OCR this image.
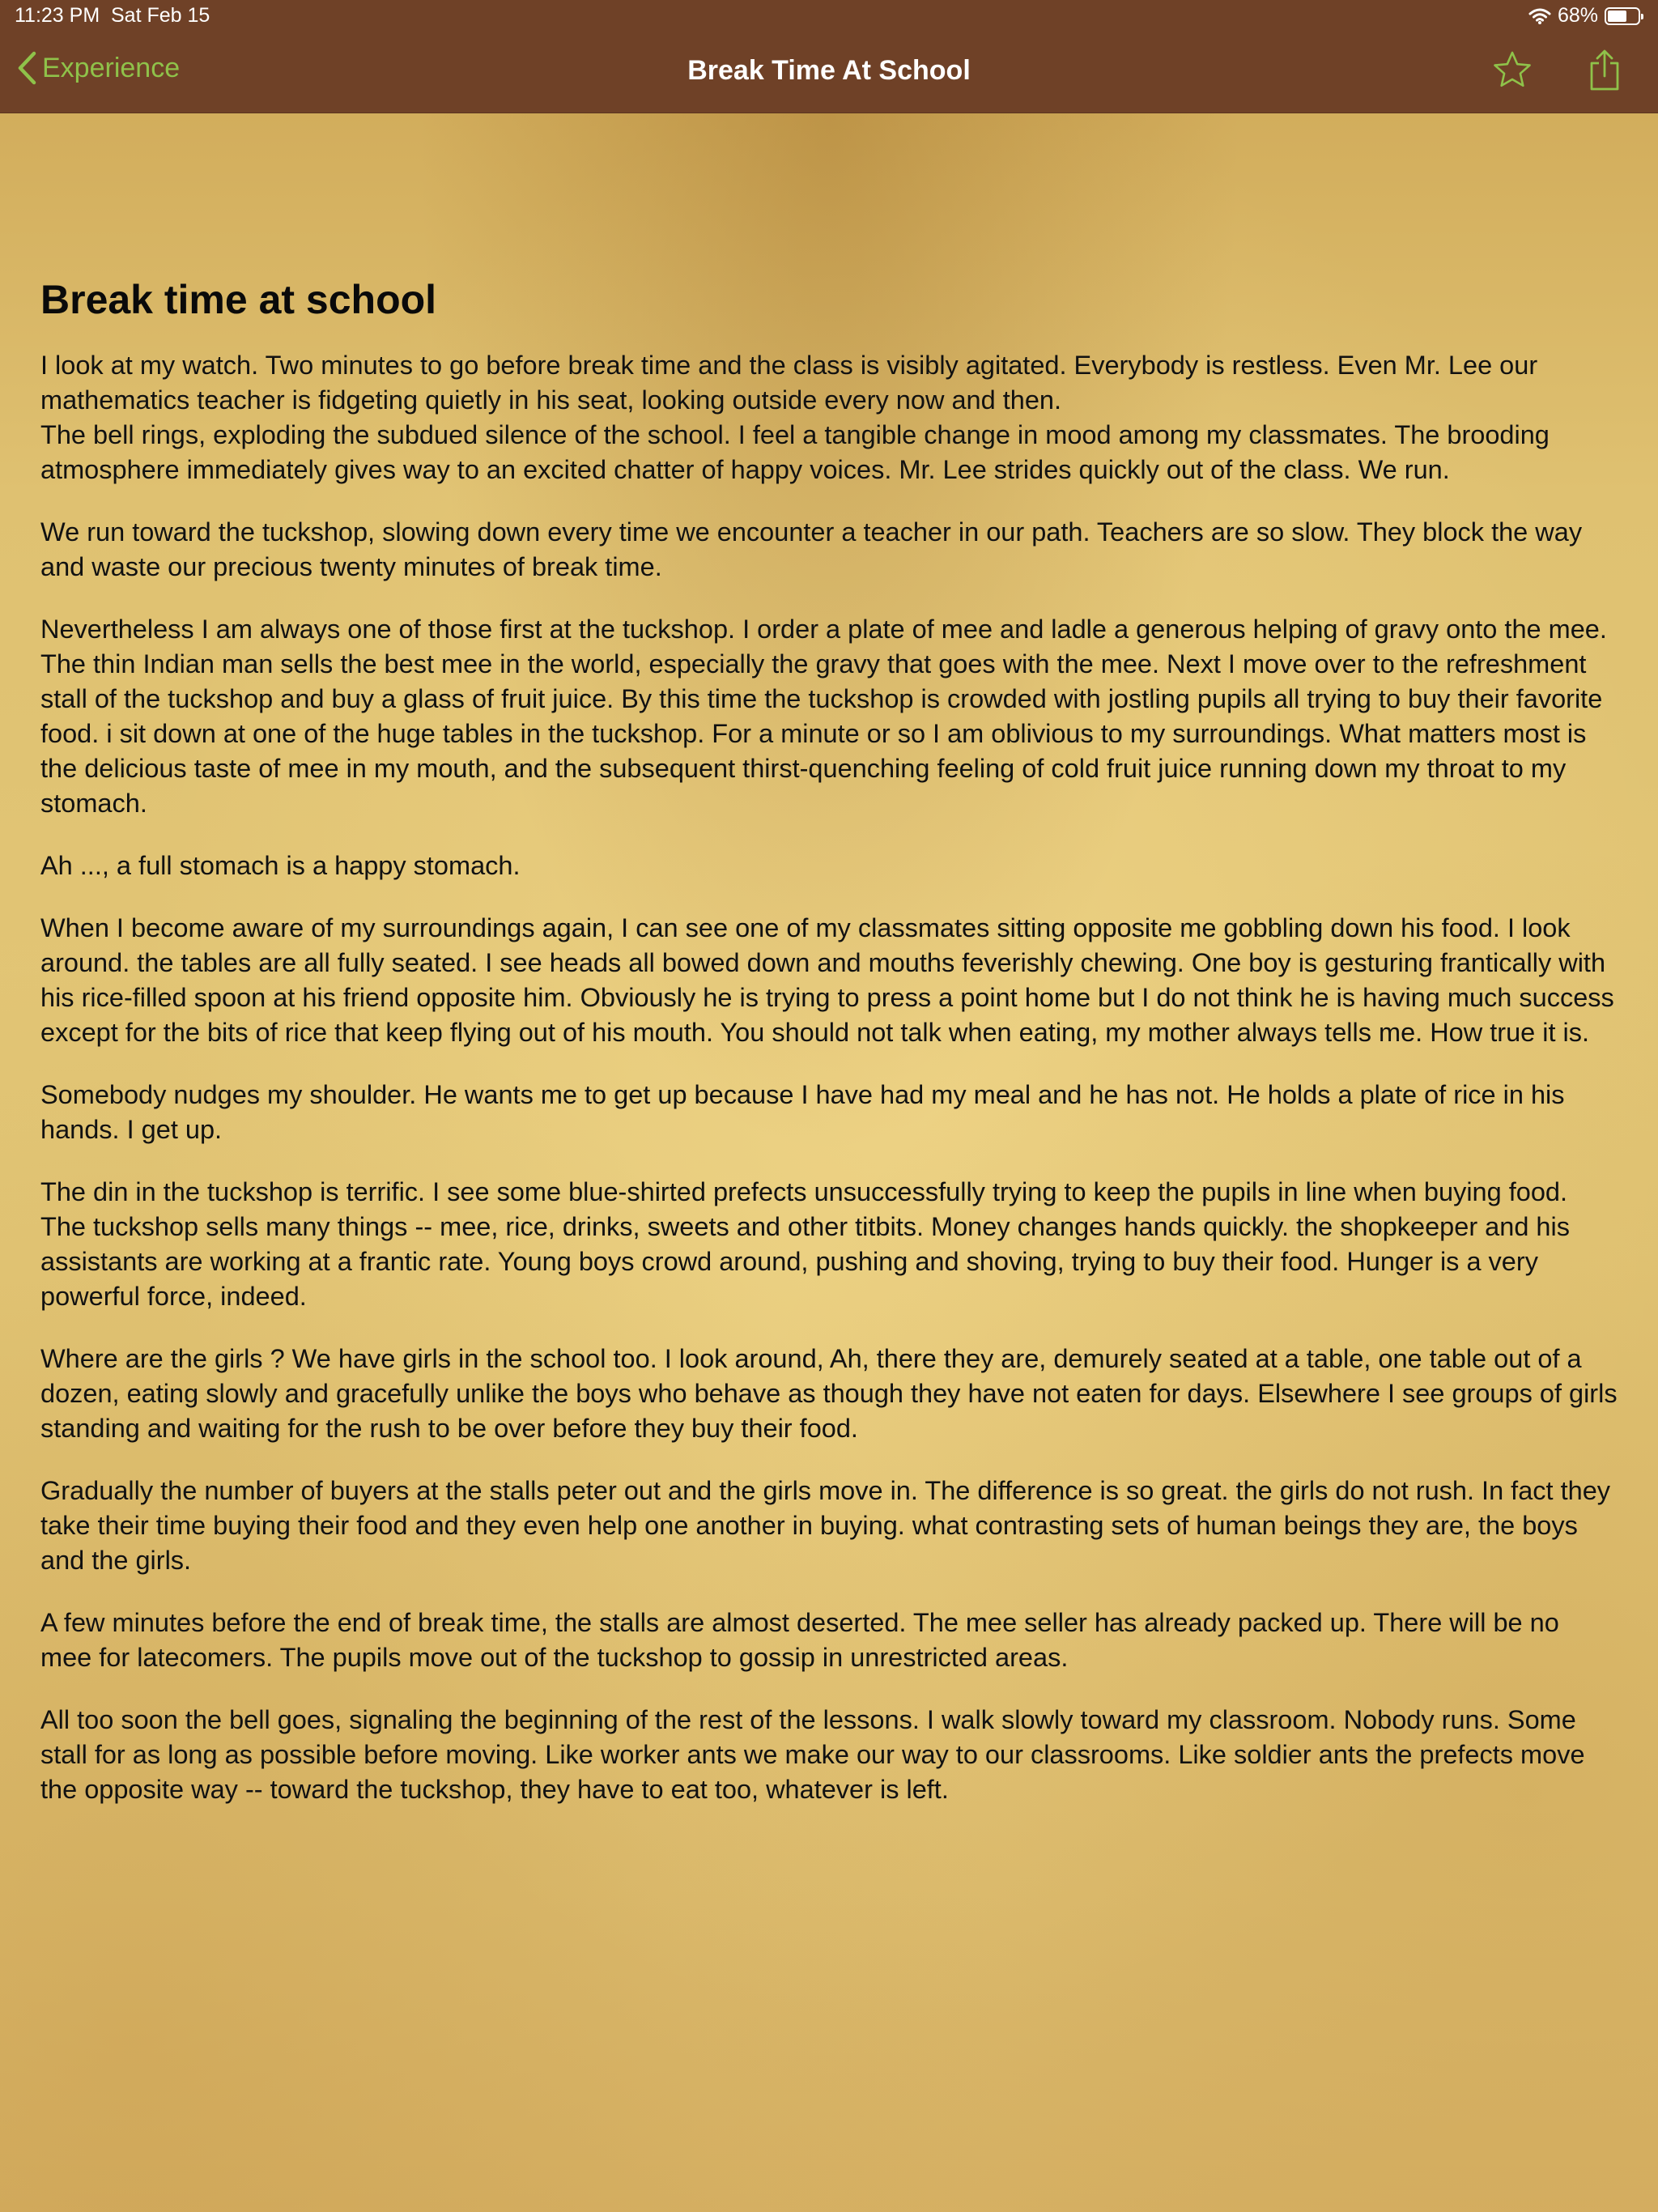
11:23 PM Sat Feb 15	68%
Experience	Break Time At School
Break time at school

I look at my watch. Two minutes to go before break time and the class is visibly agitated. Everybody is restless. Even Mr. Lee our mathematics teacher is fidgeting quietly in his seat, looking outside every now and then.
The bell rings, exploding the subdued silence of the school. I feel a tangible change in mood among my classmates. The brooding atmosphere immediately gives way to an excited chatter of happy voices. Mr. Lee strides quickly out of the class. We run.

We run toward the tuckshop, slowing down every time we encounter a teacher in our path. Teachers are so slow. They block the way and waste our precious twenty minutes of break time.

Nevertheless I am always one of those first at the tuckshop. I order a plate of mee and ladle a generous helping of gravy onto the mee. The thin Indian man sells the best mee in the world, especially the gravy that goes with the mee. Next I move over to the refreshment stall of the tuckshop and buy a glass of fruit juice. By this time the tuckshop is crowded with jostling pupils all trying to buy their favorite food. i sit down at one of the huge tables in the tuckshop. For a minute or so I am oblivious to my surroundings. What matters most is the delicious taste of mee in my mouth, and the subsequent thirst-quenching feeling of cold fruit juice running down my throat to my stomach.

Ah ..., a full stomach is a happy stomach.

When I become aware of my surroundings again, I can see one of my classmates sitting opposite me gobbling down his food. I look around. the tables are all fully seated. I see heads all bowed down and mouths feverishly chewing. One boy is gesturing frantically with his rice-filled spoon at his friend opposite him. Obviously he is trying to press a point home but I do not think he is having much success except for the bits of rice that keep flying out of his mouth. You should not talk when eating, my mother always tells me. How true it is.

Somebody nudges my shoulder. He wants me to get up because I have had my meal and he has not. He holds a plate of rice in his hands. I get up.

The din in the tuckshop is terrific. I see some blue-shirted prefects unsuccessfully trying to keep the pupils in line when buying food. The tuckshop sells many things -- mee, rice, drinks, sweets and other titbits. Money changes hands quickly. the shopkeeper and his assistants are working at a frantic rate. Young boys crowd around, pushing and shoving, trying to buy their food. Hunger is a very powerful force, indeed.

Where are the girls ? We have girls in the school too. I look around, Ah, there they are, demurely seated at a table, one table out of a dozen, eating slowly and gracefully unlike the boys who behave as though they have not eaten for days. Elsewhere I see groups of girls standing and waiting for the rush to be over before they buy their food.

Gradually the number of buyers at the stalls peter out and the girls move in. The difference is so great. the girls do not rush. In fact they take their time buying their food and they even help one another in buying. what contrasting sets of human beings they are, the boys and the girls.

A few minutes before the end of break time, the stalls are almost deserted. The mee seller has already packed up. There will be no mee for latecomers. The pupils move out of the tuckshop to gossip in unrestricted areas.

All too soon the bell goes, signaling the beginning of the rest of the lessons. I walk slowly toward my classroom. Nobody runs. Some stall for as long as possible before moving. Like worker ants we make our way to our classrooms. Like soldier ants the prefects move the opposite way -- toward the tuckshop, they have to eat too, whatever is left.
